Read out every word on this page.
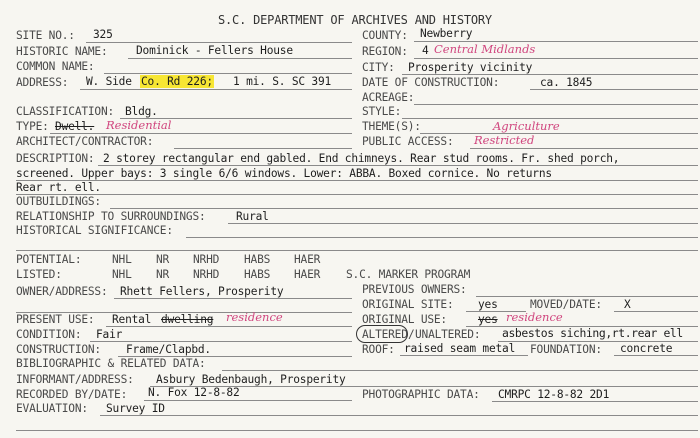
S.C. DEPARTMENT OF ARCHIVES AND HISTORY
SITE NO.: 325	COUNTY: Newberry
HISTORIC NAME:	Dominick - Fellers House	REGION: 4 Central Midlands
COMMON NAME:	CITY: Prosperity vicinity
ADDRESS: W. Side Co. Rd 226; 1 mi. S. SC 391	DATE OF CONSTRUCTION:	ca. 1845
ACREAGE:
CLASSIFICATION: Bldg.	STYLE:
TYPE: Dwell. Residential	THEME(S):	Agriculture
ARCHITECT/CONTRACTOR:	PUBLIC ACCESS: Restricted
DESCRIPTION: 2 storey rectangular end gabled. End chimneys. Rear stud rooms. Fr. shed porch,
screened. Upper bays: 3 single 6/6 windows. Lower: ABBA. Boxed cornice. No returns
Rear rt. ell.
OUTBUILDINGS:
RELATIONSHIP TO SURROUNDINGS:	Rural
HISTORICAL SIGNIFICANCE:
POTENTIAL:	NHL NR NRHD HABS HAER
LISTED:	NHL NR NRHD HABS HAER S.C. MARKER PROGRAM
OWNER/ADDRESS: Rhett Fellers, Prosperity	PREVIOUS OWNERS:
ORIGINAL SITE: yes	MOVED/DATE: X
PRESENT USE: Rental dwelling residence	ORIGINAL USE:	yes residence
CONDITION: Fair	ALTERED / UNALTERED: asbestos siching,rt.rear ell
CONSTRUCTION: Frame/Clapbd.	ROOF: raised seam metal FOUNDATION: concrete
BIBLIOGRAPHIC & RELATED DATA:
INFORMANT/ADDRESS: Asbury Bedenbaugh, Prosperity
RECORDED BY/DATE: N. Fox 12-8-82	PHOTOGRAPHIC DATA: CMRPC 12-8-82 2D1
EVALUATION: Survey ID
